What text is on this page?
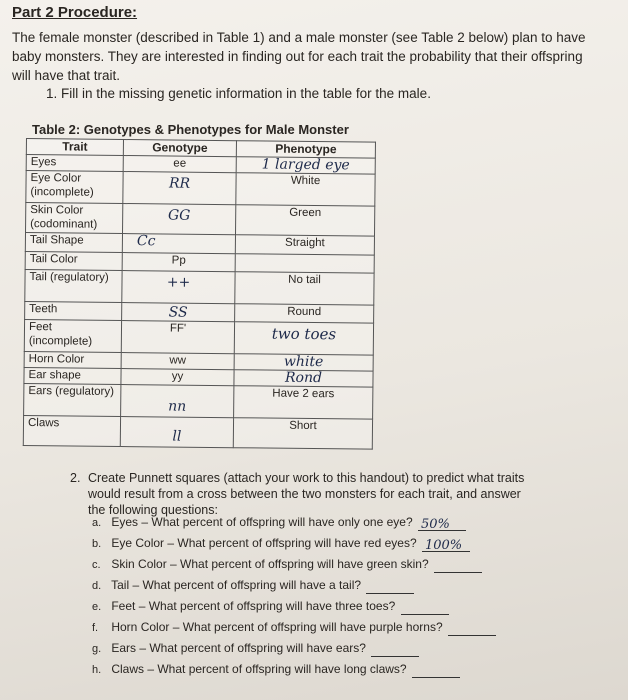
Part 2 Procedure:
The female monster (described in Table 1) and a male monster (see Table 2 below) plan to have baby monsters. They are interested in finding out for each trait the probability that their offspring will have that trait.
1. Fill in the missing genetic information in the table for the male.
Table 2: Genotypes & Phenotypes for Male Monster
Trait	Genotype	Phenotype
Eyes	ee	1 larged eye

Eye Color (incomplete)	RR	White
Skin Color (codominant)	GG	Green
Tail Shape	Cc	Straight
Tail Color	Pp	
Tail (regulatory)	++	No tail
Teeth	SS	Round
Feet (incomplete)	FF'	two toes

Horn Color	ww	white

Ear shape	yy	Rond

Ears (regulatory)	nn	Have 2 ears
Claws	ll	Short
2. Create Punnett squares (attach your work to this handout) to predict what traits would result from a cross between the two monsters for each trait, and answer the following questions:
a. Eyes – What percent of offspring will have only one eye? 50%
b. Eye Color – What percent of offspring will have red eyes? 100%
c. Skin Color – What percent of offspring will have green skin?
d. Tail – What percent of offspring will have a tail?
e. Feet – What percent of offspring will have three toes?
f. Horn Color – What percent of offspring will have purple horns?
g. Ears – What percent of offspring will have ears?
h. Claws – What percent of offspring will have long claws?
